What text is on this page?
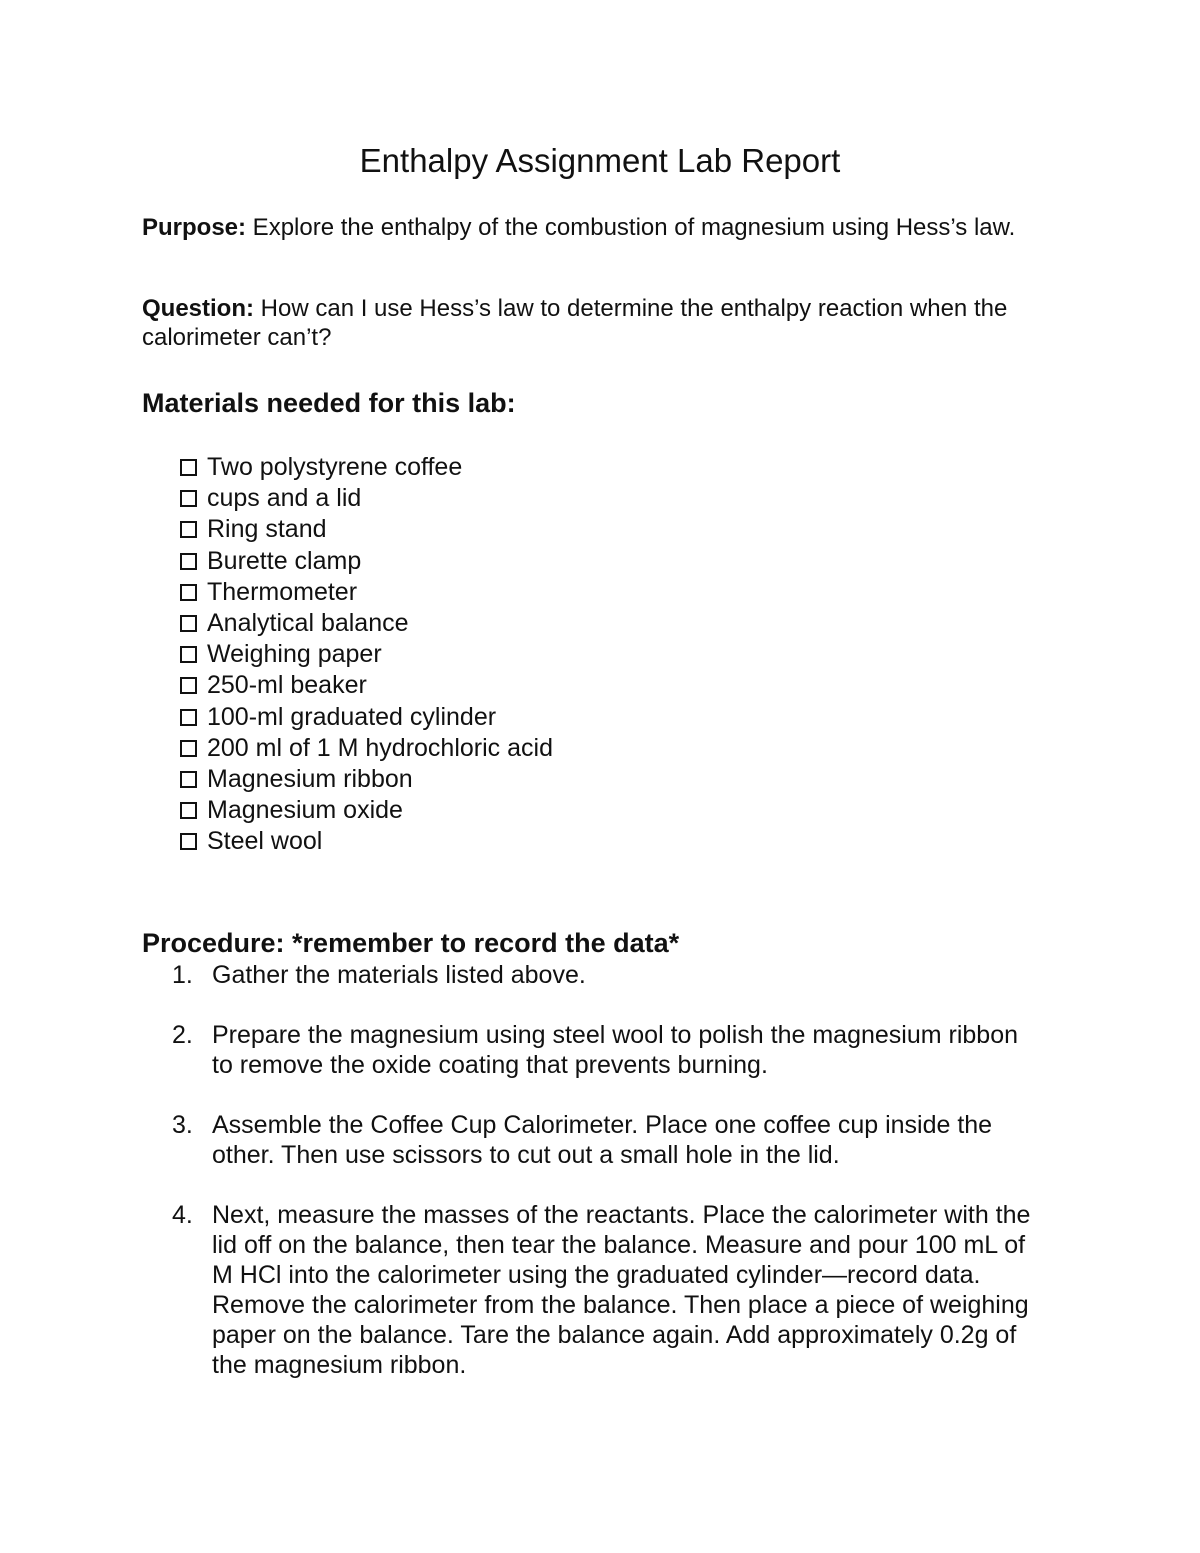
Enthalpy Assignment Lab Report

Purpose: Explore the enthalpy of the combustion of magnesium using Hess’s law.

Question: How can I use Hess’s law to determine the enthalpy reaction when the calorimeter can’t?

Materials needed for this lab:
Two polystyrene coffee
cups and a lid
Ring stand
Burette clamp
Thermometer
Analytical balance
Weighing paper
250-ml beaker
100-ml graduated cylinder
200 ml of 1 M hydrochloric acid
Magnesium ribbon
Magnesium oxide
Steel wool
Procedure: *remember to record the data*
1. Gather the materials listed above.
2. Prepare the magnesium using steel wool to polish the magnesium ribbon to remove the oxide coating that prevents burning.
3. Assemble the Coffee Cup Calorimeter. Place one coffee cup inside the other. Then use scissors to cut out a small hole in the lid.
4. Next, measure the masses of the reactants. Place the calorimeter with the lid off on the balance, then tear the balance. Measure and pour 100 mL of M HCl into the calorimeter using the graduated cylinder—record data. Remove the calorimeter from the balance. Then place a piece of weighing paper on the balance. Tare the balance again. Add approximately 0.2g of the magnesium ribbon.
